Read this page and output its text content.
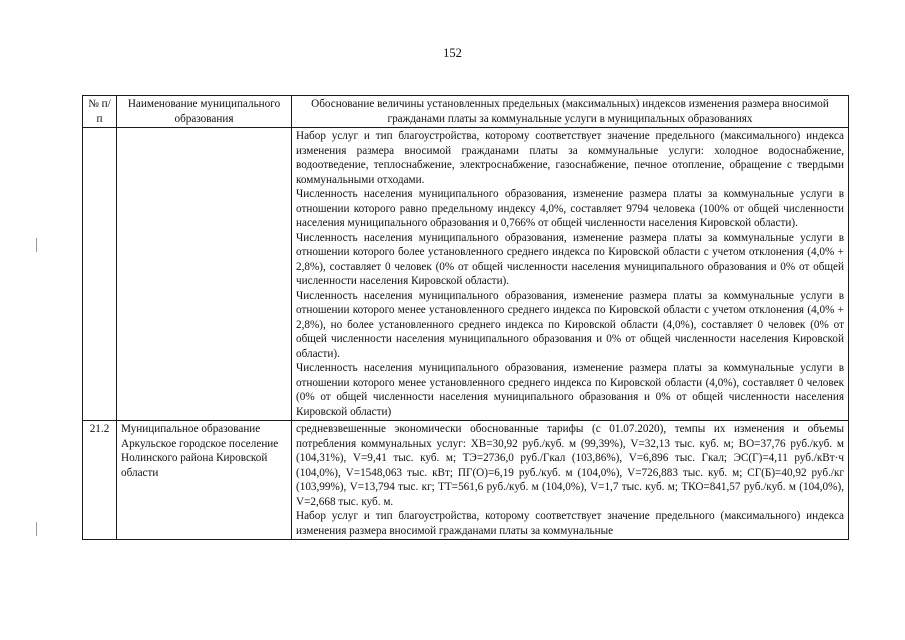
152
№ п/п	Наименование муниципального образования	Обоснование величины установленных предельных (максимальных) индексов изменения размера вносимой гражданами платы за коммунальные услуги в муниципальных образованиях

		Набор услуг и тип благоустройства, которому соответствует значение предельного (максимального) индекса изменения размера вносимой гражданами платы за коммунальные услуги: холодное водоснабжение, водоотведение, теплоснабжение, электроснабжение, газоснабжение, печное отопление, обращение с твердыми коммунальными отходами.
Численность населения муниципального образования, изменение размера платы за коммунальные услуги в отношении которого равно предельному индексу 4,0%, составляет 9794 человека (100% от общей численности населения муниципального образования и 0,766% от общей численности населения Кировской области).
Численность населения муниципального образования, изменение размера платы за коммунальные услуги в отношении которого более установленного среднего индекса по Кировской области с учетом отклонения (4,0% + 2,8%), составляет 0 человек (0% от общей численности населения муниципального образования и 0% от общей численности населения Кировской области).
Численность населения муниципального образования, изменение размера платы за коммунальные услуги в отношении которого менее установленного среднего индекса по Кировской области с учетом отклонения (4,0% + 2,8%), но более установленного среднего индекса по Кировской области (4,0%), составляет 0 человек (0% от общей численности населения муниципального образования и 0% от общей численности населения Кировской области).
Численность населения муниципального образования, изменение размера платы за коммунальные услуги в отношении которого менее установленного среднего индекса по Кировской области (4,0%), составляет 0 человек (0% от общей численности населения муниципального образования и 0% от общей численности населения Кировской области)

21.2	Муниципальное образование Аркульское городское поселение Нолинского района Кировской области	средневзвешенные экономически обоснованные тарифы (с 01.07.2020), темпы их изменения и объемы потребления коммунальных услуг: ХВ=30,92 руб./куб. м (99,39%), V=32,13 тыс. куб. м; ВО=37,76 руб./куб. м (104,31%), V=9,41 тыс. куб. м; ТЭ=2736,0 руб./Гкал (103,86%), V=6,896 тыс. Гкал; ЭС(Г)=4,11 руб./кВт·ч (104,0%), V=1548,063 тыс. кВт; ПГ(О)=6,19 руб./куб. м (104,0%), V=726,883 тыс. куб. м; СГ(Б)=40,92 руб./кг (103,99%), V=13,794 тыс. кг; ТТ=561,6 руб./куб. м (104,0%), V=1,7 тыс. куб. м; ТКО=841,57 руб./куб. м (104,0%), V=2,668 тыс. куб. м.
Набор услуг и тип благоустройства, которому соответствует значение предельного (максимального) индекса изменения размера вносимой гражданами платы за коммунальные
